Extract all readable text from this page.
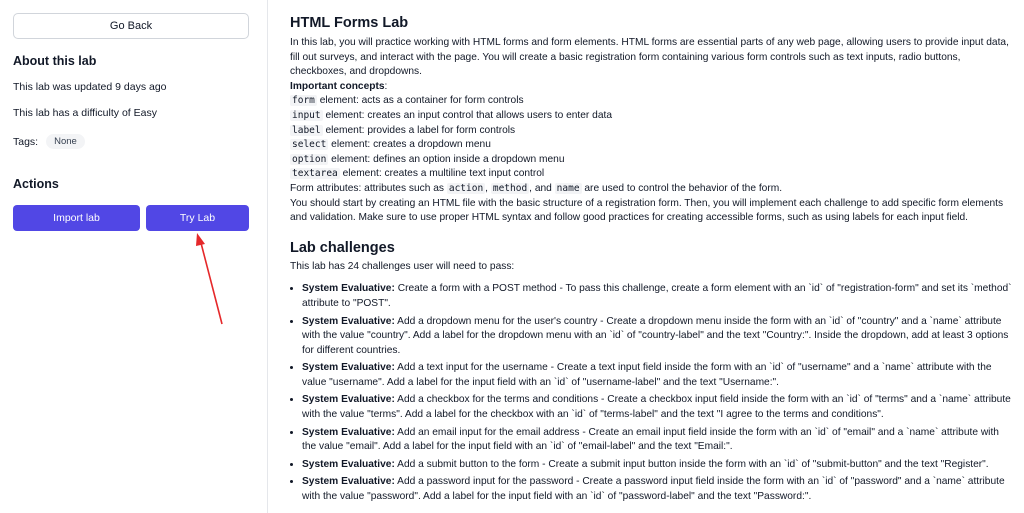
Go Back
About this lab

This lab was updated 9 days ago

This lab has a difficulty of Easy

Tags:	None
Actions
Import lab	Try Lab
HTML Forms Lab

In this lab, you will practice working with HTML forms and form elements. HTML forms are essential parts of any web page, allowing users to provide input data, fill out surveys, and interact with the page. You will create a basic registration form containing various form controls such as text inputs, radio buttons, checkboxes, and dropdowns.

Important concepts:

form element: acts as a container for form controls

input element: creates an input control that allows users to enter data

label element: provides a label for form controls

select element: creates a dropdown menu

option element: defines an option inside a dropdown menu

textarea element: creates a multiline text input control

Form attributes: attributes such as action , method , and name are used to control the behavior of the form.

You should start by creating an HTML file with the basic structure of a registration form. Then, you will implement each challenge to add specific form elements and validation. Make sure to use proper HTML syntax and follow good practices for creating accessible forms, such as using labels for each input field.

Lab challenges

This lab has 24 challenges user will need to pass:

• System Evaluative: Create a form with a POST method - To pass this challenge, create a form element with an `id` of "registration-form" and set its `method` attribute to "POST".
• System Evaluative: Add a dropdown menu for the user's country - Create a dropdown menu inside the form with an `id` of "country" and a `name` attribute with the value "country". Add a label for the dropdown menu with an `id` of "country-label" and the text "Country:". Inside the dropdown, add at least 3 options for different countries.
• System Evaluative: Add a text input for the username - Create a text input field inside the form with an `id` of "username" and a `name` attribute with the value "username". Add a label for the input field with an `id` of "username-label" and the text "Username:".
• System Evaluative: Add a checkbox for the terms and conditions - Create a checkbox input field inside the form with an `id` of "terms" and a `name` attribute with the value "terms". Add a label for the checkbox with an `id` of "terms-label" and the text "I agree to the terms and conditions".
• System Evaluative: Add an email input for the email address - Create an email input field inside the form with an `id` of "email" and a `name` attribute with the value "email". Add a label for the input field with an `id` of "email-label" and the text "Email:".
• System Evaluative: Add a submit button to the form - Create a submit input button inside the form with an `id` of "submit-button" and the text "Register".
• System Evaluative: Add a password input for the password - Create a password input field inside the form with an `id` of "password" and a `name` attribute with the value "password". Add a label for the input field with an `id` of "password-label" and the text "Password:".
